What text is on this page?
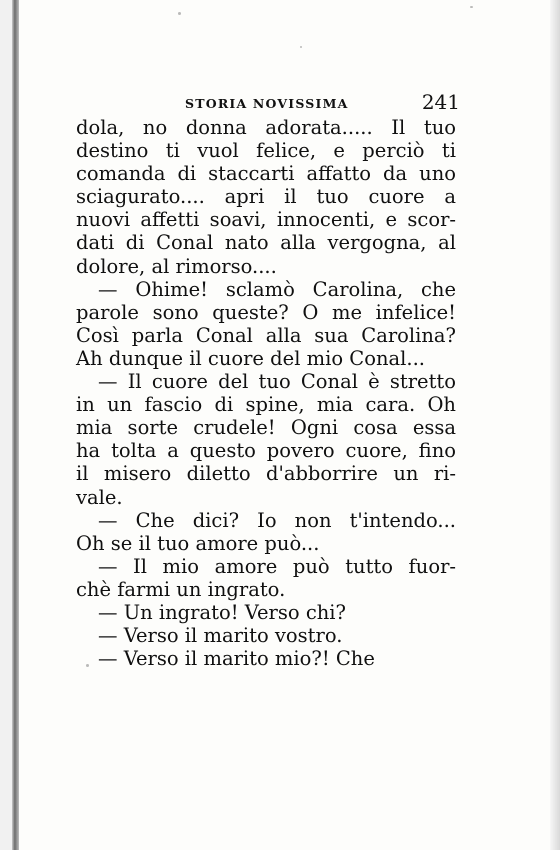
STORIA NOVISSIMA	241
dola, no donna adorata..... Il tuo
destino ti vuol felice, e perciò ti
comanda di staccarti affatto da uno
sciagurato.... apri il tuo cuore a
nuovi affetti soavi, innocenti, e scor-
dati di Conal nato alla vergogna, al
dolore, al rimorso....
— Ohime! sclamò Carolina, che
parole sono queste? O me infelice!
Così parla Conal alla sua Carolina?
Ah dunque il cuore del mio Conal...
— Il cuore del tuo Conal è stretto
in un fascio di spine, mia cara. Oh
mia sorte crudele! Ogni cosa essa
ha tolta a questo povero cuore, fino
il misero diletto d'abborrire un ri-
vale.
— Che dici? Io non t'intendo...
Oh se il tuo amore può...
— Il mio amore può tutto fuor-
chè farmi un ingrato.
— Un ingrato! Verso chi?
— Verso il marito vostro.
— Verso il marito mio?! Che
